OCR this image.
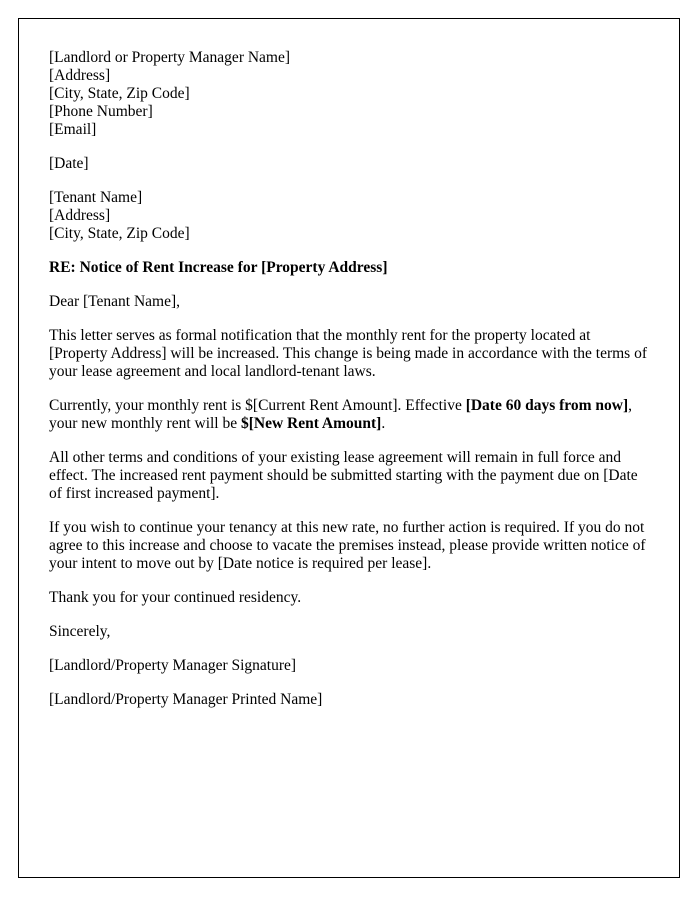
[Landlord or Property Manager Name]
[Address]
[City, State, Zip Code]
[Phone Number]
[Email]

[Date]

[Tenant Name]
[Address]
[City, State, Zip Code]

RE: Notice of Rent Increase for [Property Address]

Dear [Tenant Name],

This letter serves as formal notification that the monthly rent for the property located at [Property Address] will be increased. This change is being made in accordance with the terms of your lease agreement and local landlord-tenant laws.

Currently, your monthly rent is $[Current Rent Amount]. Effective [Date 60 days from now], your new monthly rent will be $[New Rent Amount].

All other terms and conditions of your existing lease agreement will remain in full force and effect. The increased rent payment should be submitted starting with the payment due on [Date of first increased payment].

If you wish to continue your tenancy at this new rate, no further action is required. If you do not agree to this increase and choose to vacate the premises instead, please provide written notice of your intent to move out by [Date notice is required per lease].

Thank you for your continued residency.

Sincerely,

[Landlord/Property Manager Signature]

[Landlord/Property Manager Printed Name]
